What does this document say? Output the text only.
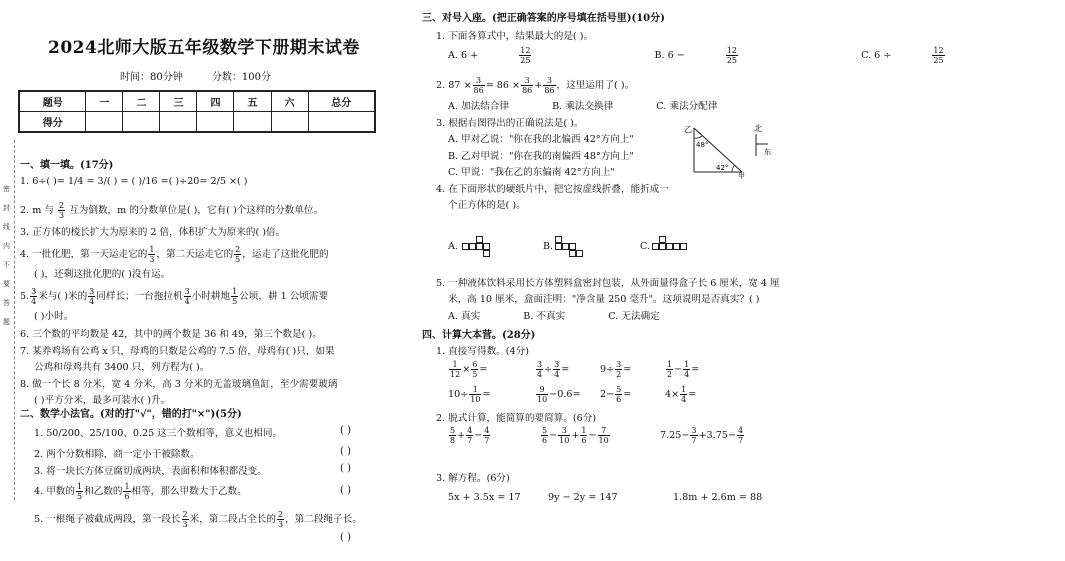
密
封
线
内
不
要
答
题
2024北师大版五年级数学下册期末试卷
时间：80分钟	分数：100分
题号	一	二	三	四	五	六	总分
得分							
一、填一填。(17分)
1. 6÷( )= 1/4 = 3/( ) = ( )/16 =( )÷20= 2/5 ×( )
2. m 与 $\frac{2}{3}$ 互为倒数，m 的分数单位是( )，它有( )个这样的分数单位。
3. 正方体的棱长扩大为原来的 2 倍，体积扩大为原来的( )倍。
4. 一批化肥，第一天运走它的 $\frac{1}{3}$ ，第二天运走它的 $\frac{2}{5}$ ，运走了这批化肥的
( )，还剩这批化肥的( )没有运。
5. $\frac{3}{4}$ 米与( )米的 $\frac{3}{4}$ 同样长；一台拖拉机 $\frac{3}{4}$ 小时耕地 $\frac{1}{5}$ 公顷，耕 1 公顷需要
( )小时。
6. 三个数的平均数是 42，其中的两个数是 36 和 49，第三个数是( )。
7. 某养鸡场有公鸡 x 只，母鸡的只数是公鸡的 7.5 倍，母鸡有( )只，如果
公鸡和母鸡共有 3400 只，列方程为( )。
8. 做一个长 8 分米，宽 4 分米，高 3 分米的无盖玻璃鱼缸，至少需要玻璃
( )平方分米，最多可装水( )升。
二、数学小法官。(对的打"√"，错的打"×")(5分)
1. 50/200、25/100、0.25 这三个数相等，意义也相同。	( )
2. 两个分数相除，商一定小于被除数。	( )
3. 将一块长方体豆腐切成两块，表面积和体积都没变。	( )
4. 甲数的 $\frac{1}{5}$ 和乙数的 $\frac{1}{6}$ 相等，那么甲数大于乙数。	( )
5. 一根绳子被截成两段，第一段长 $\frac{2}{3}$ 米，第二段占全长的 $\frac{2}{3}$ ，第二段绳子长。
( )
三、对号入座。(把正确答案的序号填在括号里)(10分)
1. 下面各算式中，结果最大的是( )。
A. 6 +	$\frac{12}{25}$	B. 6 −	$\frac{12}{25}$	C. 6 ÷	$\frac{12}{25}$
2. $87 \times \frac{3}{86} = 86 \times \frac{3}{86} + \frac{3}{86}$ ，这里运用了( )。
A. 加法结合律	B. 乘法交换律	C. 乘法分配律
3. 根据右图得出的正确说法是( )。
A. 甲对乙说："你在我的北偏西 42°方向上"
B. 乙对甲说："你在我的南偏西 48°方向上"
C. 甲说："我在乙的东偏南 42°方向上"
乙
48°
42°
甲
北
东
4. 在下面形状的硬纸片中，把它按虚线折叠，能折成一
个正方体的是( )。
A.	B.	C.
5. 一种液体饮料采用长方体塑料盒密封包装，从外面量得盒子长 6 厘米，宽 4 厘
米，高 10 厘米，盒面注明："净含量 250 毫升"。这项说明是否真实？( )
A. 真实	B. 不真实	C. 无法确定
四、计算大本营。(28分)
1. 直接写得数。(4分)
$\frac{1}{12} \times \frac{6}{5}$ =	$\frac{3}{4} \div \frac{3}{4}$ =	$9\div \frac{3}{2}$ =	$\frac{1}{2} - \frac{1}{4}$ =
$10\div \frac{1}{10}$ =	$\frac{9}{10} -0.6= 2- \frac{5}{6}$ =	$4\times \frac{1}{4}$ =
2. 脱式计算，能简算的要简算。(6分)
$\frac{5}{8} + \frac{4}{7} - \frac{4}{7}$	$\frac{5}{6} - \frac{3}{10} + \frac{1}{6} - \frac{7}{10}$	$7.25- \frac{3}{7} +3.75- \frac{4}{7}$
3. 解方程。(6分)
5x + 3.5x = 17	9y − 2y = 147	1.8m + 2.6m = 88
